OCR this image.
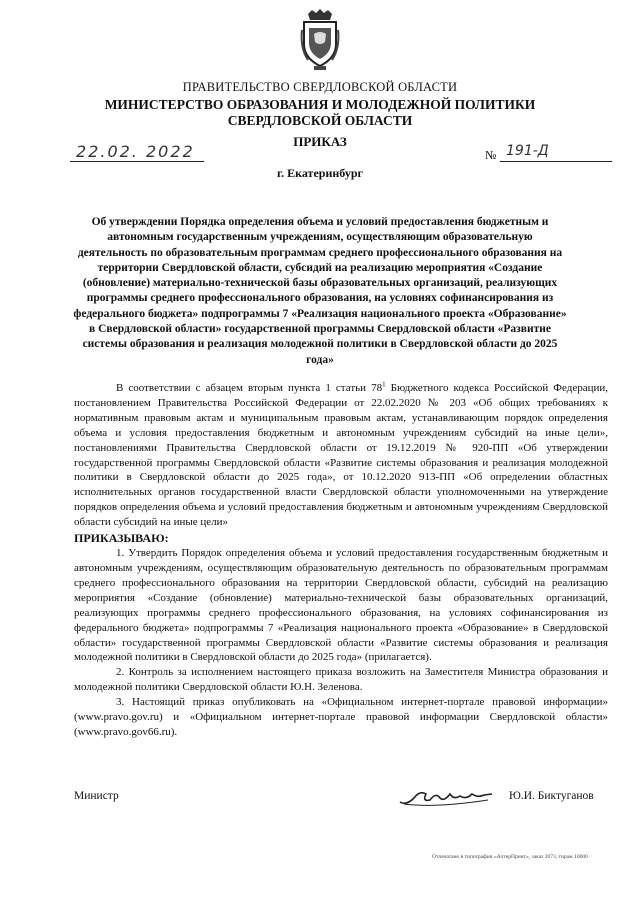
ПРАВИТЕЛЬСТВО СВЕРДЛОВСКОЙ ОБЛАСТИ
МИНИСТЕРСТВО ОБРАЗОВАНИЯ И МОЛОДЕЖНОЙ ПОЛИТИКИ
СВЕРДЛОВСКОЙ ОБЛАСТИ
ПРИКАЗ
22.02. 2022	№ 191-Д
г. Екатеринбург
Об утверждении Порядка определения объема и условий предоставления бюджетным и автономным государственным учреждениям, осуществляющим образовательную деятельность по образовательным программам среднего профессионального образования на территории Свердловской области, субсидий на реализацию мероприятия «Создание (обновление) материально-технической базы образовательных организаций, реализующих программы среднего профессионального образования, на условиях софинансирования из федерального бюджета» подпрограммы 7 «Реализация национального проекта «Образование» в Свердловской области» государственной программы Свердловской области «Развитие системы образования и реализация молодежной политики в Свердловской области до 2025 года»

В соответствии с абзацем вторым пункта 1 статьи $78^1$ Бюджетного кодекса Российской Федерации, постановлением Правительства Российской Федерации от 22.02.2020 № 203 «Об общих требованиях к нормативным правовым актам и муниципальным правовым актам, устанавливающим порядок определения объема и условия предоставления бюджетным и автономным учреждениям субсидий на иные цели», постановлениями Правительства Свердловской области от 19.12.2019 № 920-ПП «Об утверждении государственной программы Свердловской области «Развитие системы образования и реализация молодежной политики в Свердловской области до 2025 года», от 10.12.2020 913-ПП «Об определении областных исполнительных органов государственной власти Свердловской области уполномоченными на утверждение порядков определения объема и условий предоставления бюджетным и автономным учреждениям Свердловской области субсидий на иные цели»

ПРИКАЗЫВАЮ:

1. Утвердить Порядок определения объема и условий предоставления государственным бюджетным и автономным учреждениям, осуществляющим образовательную деятельность по образовательным программам среднего профессионального образования на территории Свердловской области, субсидий на реализацию мероприятия «Создание (обновление) материально-технической базы образовательных организаций, реализующих программы среднего профессионального образования, на условиях софинансирования из федерального бюджета» подпрограммы 7 «Реализация национального проекта «Образование» в Свердловской области» государственной программы Свердловской области «Развитие системы образования и реализация молодежной политики в Свердловской области до 2025 года» (прилагается).

2. Контроль за исполнением настоящего приказа возложить на Заместителя Министра образования и молодежной политики Свердловской области Ю.Н. Зеленова.

3. Настоящий приказ опубликовать на «Официальном интернет-портале правовой информации» (www.pravo.gov.ru) и «Официальном интернет-портале правовой информации Свердловской области» (www.pravo.gov66.ru).

Министр	Ю.И. Биктуганов
Отпечатано в типографии «АлтерПринт», заказ 2073, тираж 10000
